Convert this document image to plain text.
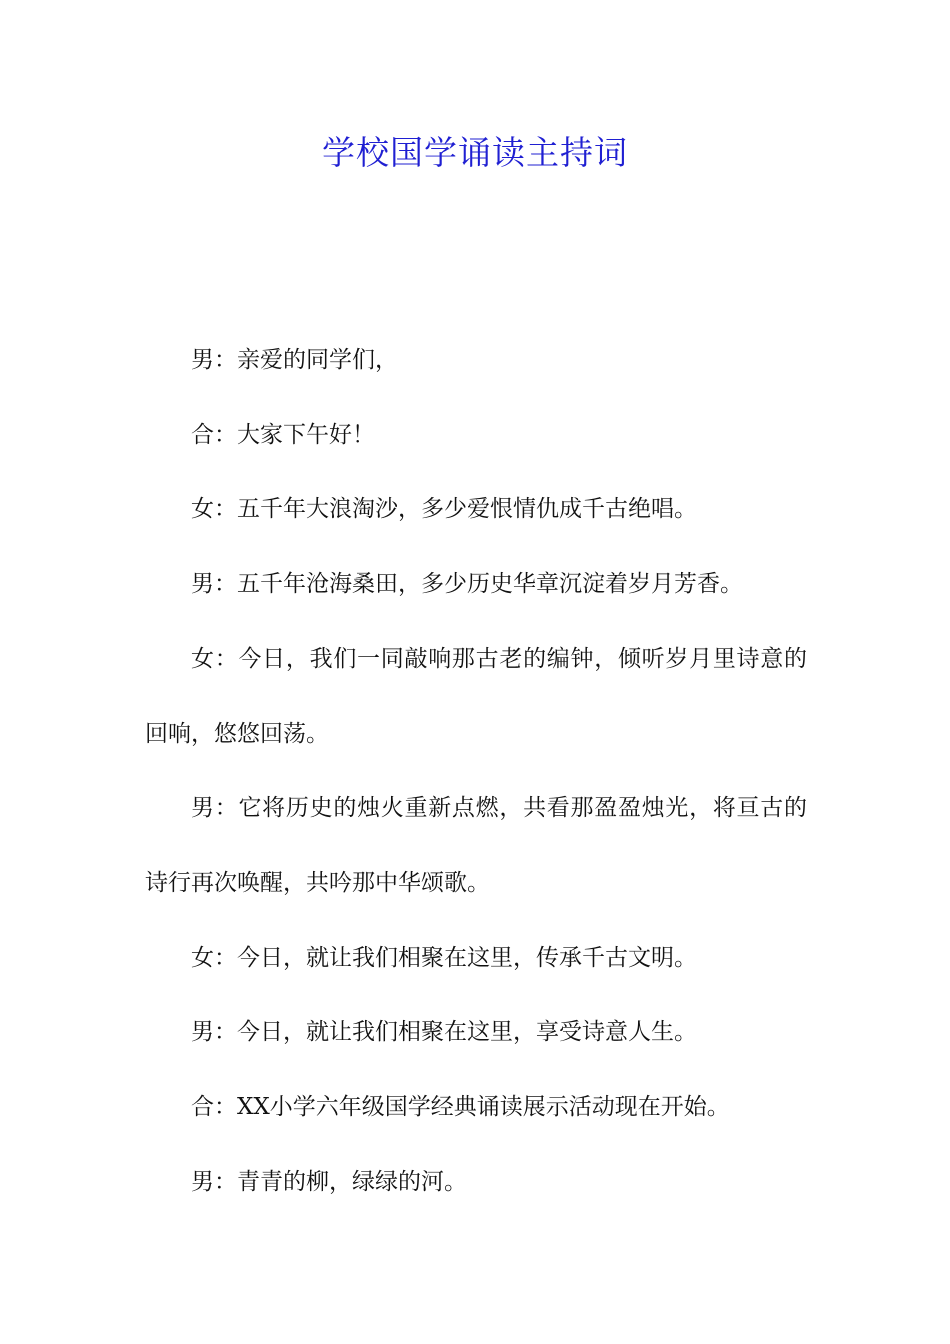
学校国学诵读主持词

男：亲爱的同学们，

合：大家下午好！

女：五千年大浪淘沙，多少爱恨情仇成千古绝唱。

男：五千年沧海桑田，多少历史华章沉淀着岁月芳香。

女：今日，我们一同敲响那古老的编钟，倾听岁月里诗意的回响，悠悠回荡。

男：它将历史的烛火重新点燃，共看那盈盈烛光，将亘古的诗行再次唤醒，共吟那中华颂歌。

女：今日，就让我们相聚在这里，传承千古文明。

男：今日，就让我们相聚在这里，享受诗意人生。

合：XX小学六年级国学经典诵读展示活动现在开始。

男：青青的柳，绿绿的河。
